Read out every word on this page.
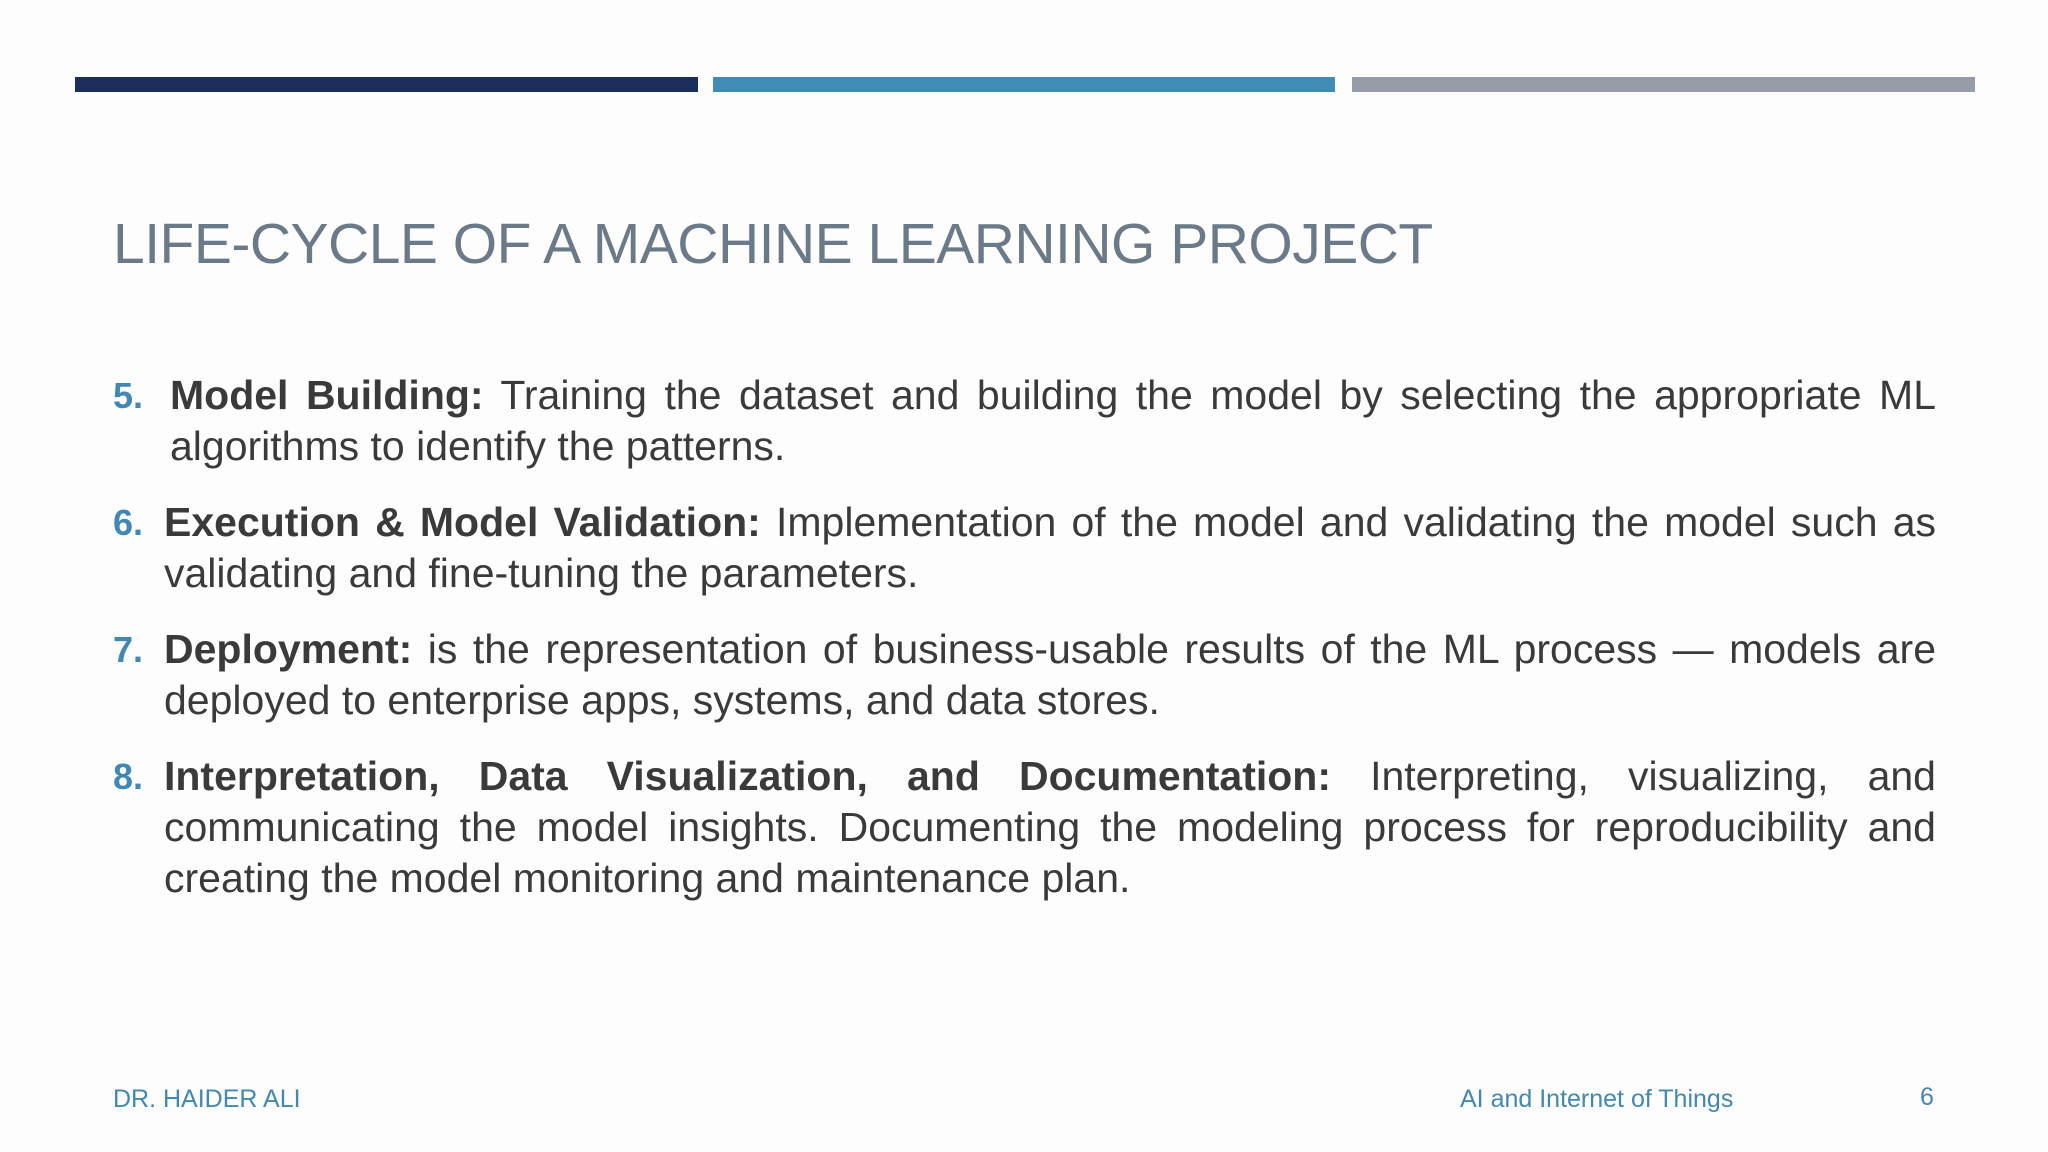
LIFE-CYCLE OF A MACHINE LEARNING PROJECT
5. Model Building: Training the dataset and building the model by selecting the appropriate ML algorithms to identify the patterns.
6. Execution & Model Validation: Implementation of the model and validating the model such as validating and fine-tuning the parameters.
7. Deployment: is the representation of business-usable results of the ML process — models are deployed to enterprise apps, systems, and data stores.
8. Interpretation, Data Visualization, and Documentation: Interpreting, visualizing, and communicating the model insights. Documenting the modeling process for reproducibility and creating the model monitoring and maintenance plan.
DR. HAIDER ALI	AI and Internet of Things	6
